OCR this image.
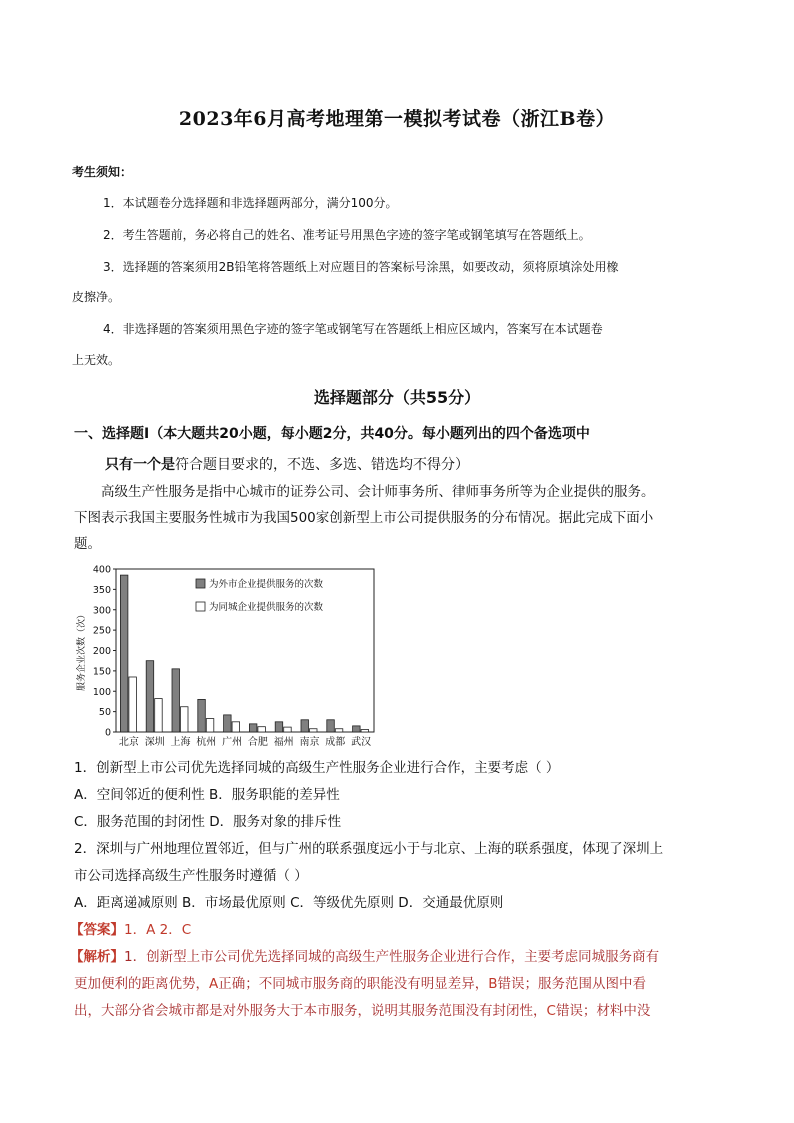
2023年6月高考地理第一模拟考试卷（浙江B卷）
考生须知：
1．本试题卷分选择题和非选择题两部分，满分100分。
2．考生答题前，务必将自己的姓名、准考证号用黑色字迹的签字笔或钢笔填写在答题纸上。
3．选择题的答案须用2B铅笔将答题纸上对应题目的答案标号涂黑，如要改动，须将原填涂处用橡
皮擦净。
4．非选择题的答案须用黑色字迹的签字笔或钢笔写在答题纸上相应区域内，答案写在本试题卷
上无效。
选择题部分（共55分）
一、选择题Ⅰ（本大题共20小题，每小题2分，共40分。每小题列出的四个备选项中
只有一个是符合题目要求的，不选、多选、错选均不得分）
高级生产性服务是指中心城市的证券公司、会计师事务所、律师事务所等为企业提供的服务。
下图表示我国主要服务性城市为我国500家创新型上市公司提供服务的分布情况。据此完成下面小
题。
0
50
100
150
200
250
300
350
400
服务企业次数（次）
北京 深圳 上海 杭州 广州 合肥 福州 南京 成都 武汉
为外市企业提供服务的次数
为同城企业提供服务的次数
1．创新型上市公司优先选择同城的高级生产性服务企业进行合作，主要考虑（ ）
A．空间邻近的便利性 B．服务职能的差异性
C．服务范围的封闭性 D．服务对象的排斥性
2．深圳与广州地理位置邻近，但与广州的联系强度远小于与北京、上海的联系强度，体现了深圳上
市公司选择高级生产性服务时遵循（ ）
A．距离递减原则 B．市场最优原则 C．等级优先原则 D．交通最优原则
【答案】1．A 2．C
【解析】1．创新型上市公司优先选择同城的高级生产性服务企业进行合作，主要考虑同城服务商有
更加便利的距离优势，A正确；不同城市服务商的职能没有明显差异，B错误；服务范围从图中看
出，大部分省会城市都是对外服务大于本市服务，说明其服务范围没有封闭性，C错误；材料中没
